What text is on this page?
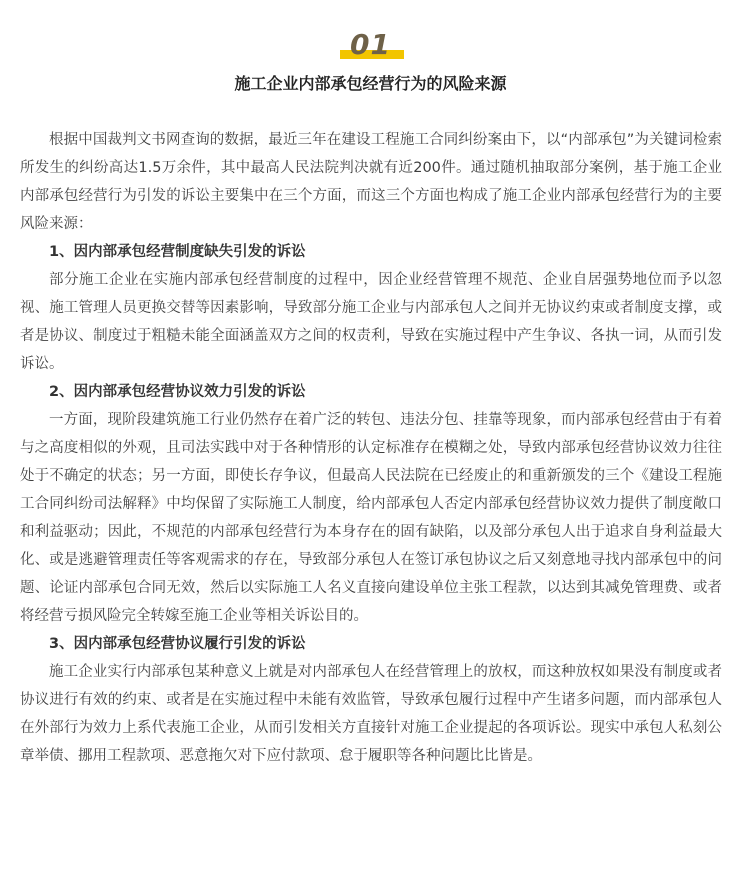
01
施工企业内部承包经营行为的风险来源

根据中国裁判文书网查询的数据，最近三年在建设工程施工合同纠纷案由下，以“内部承包”为关键词检索所发生的纠纷高达1.5万余件，其中最高人民法院判决就有近200件。通过随机抽取部分案例，基于施工企业内部承包经营行为引发的诉讼主要集中在三个方面，而这三个方面也构成了施工企业内部承包经营行为的主要风险来源：

1、因内部承包经营制度缺失引发的诉讼

部分施工企业在实施内部承包经营制度的过程中，因企业经营管理不规范、企业自居强势地位而予以忽视、施工管理人员更换交替等因素影响，导致部分施工企业与内部承包人之间并无协议约束或者制度支撑，或者是协议、制度过于粗糙未能全面涵盖双方之间的权责利，导致在实施过程中产生争议、各执一词，从而引发诉讼。

2、因内部承包经营协议效力引发的诉讼

一方面，现阶段建筑施工行业仍然存在着广泛的转包、违法分包、挂靠等现象，而内部承包经营由于有着与之高度相似的外观，且司法实践中对于各种情形的认定标准存在模糊之处，导致内部承包经营协议效力往往处于不确定的状态；另一方面，即使长存争议，但最高人民法院在已经废止的和重新颁发的三个《建设工程施工合同纠纷司法解释》中均保留了实际施工人制度，给内部承包人否定内部承包经营协议效力提供了制度敞口和利益驱动；因此，不规范的内部承包经营行为本身存在的固有缺陷，以及部分承包人出于追求自身利益最大化、或是逃避管理责任等客观需求的存在，导致部分承包人在签订承包协议之后又刻意地寻找内部承包中的问题、论证内部承包合同无效，然后以实际施工人名义直接向建设单位主张工程款，以达到其减免管理费、或者将经营亏损风险完全转嫁至施工企业等相关诉讼目的。

3、因内部承包经营协议履行引发的诉讼

施工企业实行内部承包某种意义上就是对内部承包人在经营管理上的放权，而这种放权如果没有制度或者协议进行有效的约束、或者是在实施过程中未能有效监管，导致承包履行过程中产生诸多问题，而内部承包人在外部行为效力上系代表施工企业，从而引发相关方直接针对施工企业提起的各项诉讼。现实中承包人私刻公章举债、挪用工程款项、恶意拖欠对下应付款项、怠于履职等各种问题比比皆是。
